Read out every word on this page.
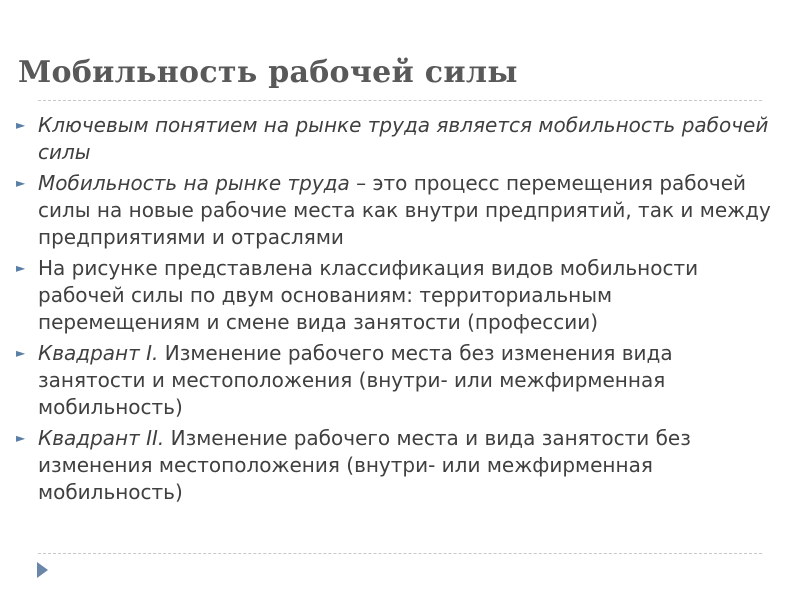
Мобильность рабочей силы
► Ключевым понятием на рынке труда является мобильность рабочей силы
► Мобильность на рынке труда – это процесс перемещения рабочей силы на новые рабочие места как внутри предприятий, так и между предприятиями и отраслями
► На рисунке представлена классификация видов мобильности рабочей силы по двум основаниям: территориальным перемещениям и смене вида занятости (профессии)
► Квадрант I. Изменение рабочего места без изменения вида занятости и местоположения (внутри- или межфирменная мобильность)
► Квадрант II. Изменение рабочего места и вида занятости без изменения местоположения (внутри- или межфирменная мобильность)
